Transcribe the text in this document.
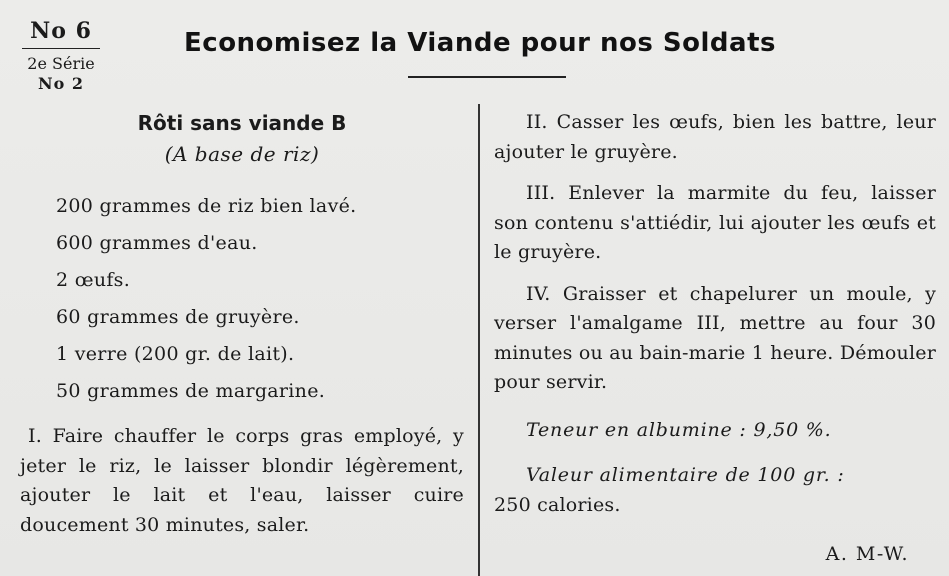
No 6
2e Série
No 2
Economisez la Viande pour nos Soldats
Rôti sans viande B
(A base de riz)
200 grammes de riz bien lavé.
600 grammes d'eau.
2 œufs.
60 grammes de gruyère.
1 verre (200 gr. de lait).
50 grammes de margarine.
I. Faire chauffer le corps gras employé, y jeter le riz, le laisser blondir légèrement, ajouter le lait et l'eau, laisser cuire doucement 30 minutes, saler.
II. Casser les œufs, bien les battre, leur ajouter le gruyère.
III. Enlever la marmite du feu, laisser son contenu s'attiédir, lui ajouter les œufs et le gruyère.
IV. Graisser et chapelurer un moule, y verser l'amalgame III, mettre au four 30 minutes ou au bain-marie 1 heure. Démouler pour servir.
Teneur en albumine : 9,50 %.
Valeur alimentaire de 100 gr. :
250 calories.
A. M-W.
